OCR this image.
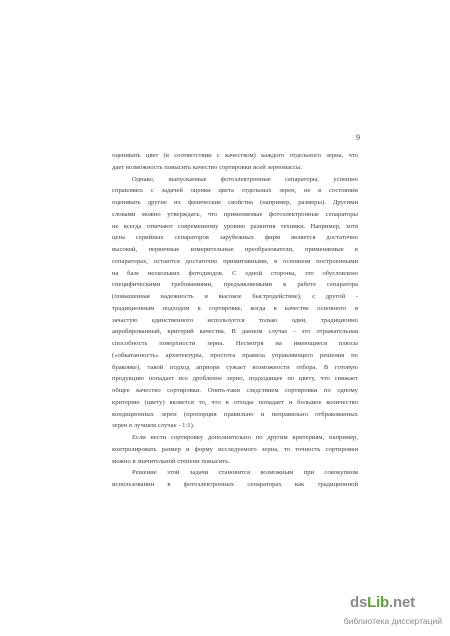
9
оценивать цвет (в соответствии с качеством) каждого отдельного зерна, что
дает возможность повысить качество сортировки всей зерномассы.
Однако, выпускаемые фотоэлектронные сепараторы, успешно
справляясь с задачей оценки цвета отдельных зерен, не в состоянии
оценивать другие их физические свойства (например, размеры). Другими
словами можно утверждать, что применяемые фотоэлектронные сепараторы
не всегда отвечают современному уровню развития техники. Например, хотя
цена серийных сепараторов зарубежных фирм является достаточно
высокой, первичные измерительные преобразователи, применяемые в
сепараторах, остаются достаточно примитивными, в основном построенными
на базе нескольких фотодиодов. С одной стороны, это обусловлено
специфическими требованиями, предъявляемыми к работе сепаратора
(повышенная надежность и высокое быстродействие), с другой -
традиционным подходом к сортировке, когда в качестве основного и
зачастую единственного используется только один, традиционно
апробированный, критерий качества. В данном случае - это отражательная
способность поверхности зерна. Несмотря на имеющиеся плюсы
(«обкатанность» архитектуры, простота правила управляющего решения по
браковке), такой подход априори сужает возможности отбора. В готовую
продукцию попадает все дробленое зерно, подходящее по цвету, что снижает
общее качество сортировки. Опять-таки следствием сортировки по одному
критерию (цвету) является то, что в отходы попадает и большое количество
кондиционных зерен (пропорция правильно и неправильно отбракованных
зерен в лучшем случае - 1:1).
Если вести сортировку дополнительно по другим критериям, например,
контролировать размер и форму исследуемого зерна, то точность сортировки
можно в значительной степени повысить.
Решение этой задачи становится возможным при совокупном
использовании в фотоэлектронных сепараторах как традиционной
dsLib.net
библиотека диссертаций
